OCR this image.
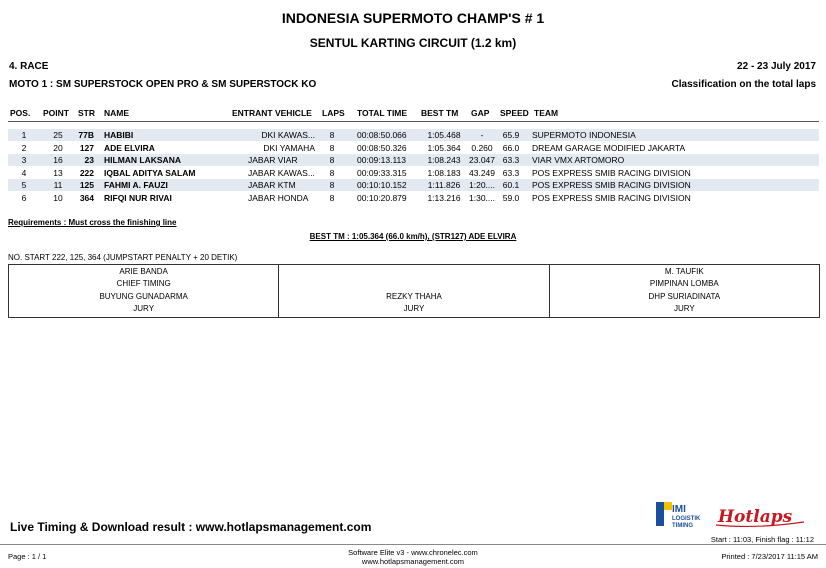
INDONESIA SUPERMOTO CHAMP'S # 1
SENTUL KARTING CIRCUIT (1.2 km)
4. RACE	22 - 23 July 2017
MOTO 1 : SM SUPERSTOCK OPEN PRO & SM SUPERSTOCK KO	Classification on the total laps
POS.	POINT	STR	NAME	ENTRANT VEHICLE	LAPS	TOTAL TIME	BEST TM	GAP	SPEED TEAM
1	25	77B HABIBI	DKI KAWAS...	8	00:08:50.066	1:05.468	-	65.9	SUPERMOTO INDONESIA
2	20	127 ADE ELVIRA	DKI YAMAHA	8	00:08:50.326	1:05.364	0.260	66.0	DREAM GARAGE MODIFIED JAKARTA
3	16	23 HILMAN LAKSANA	JABAR VIAR	8	00:09:13.113	1:08.243 23.047 63.3	VIAR VMX ARTOMORO
4	13	222 IQBAL ADITYA SALAM	JABAR KAWAS...	8	00:09:33.315	1:08.183 43.249 63.3	POS EXPRESS SMIB RACING DIVISION
5	11	125 FAHMI A. FAUZI	JABAR KTM	8	00:10:10.152	1:11.826	1:20.... 60.1	POS EXPRESS SMIB RACING DIVISION
6	10	364 RIFQI NUR RIVAI	JABAR HONDA	8	00:10:20.879	1:13.216 1:30.... 59.0	POS EXPRESS SMIB RACING DIVISION
Requirements : Must cross the finishing line
BEST TM : 1:05.364 (66.0 km/h), (STR127) ADE ELVIRA
NO. START 222, 125, 364 (JUMPSTART PENALTY + 20 DETIK)
ARIE BANDA
CHIEF TIMING
BUYUNG GUNADARMA
JURY
REZKY THAHA
JURY
M. TAUFIK
PIMPINAN LOMBA
DHP SURIADINATA
JURY
Live Timing & Download result : www.hotlapsmanagement.com
IMI
LOGISTIK
TIMING Hotlaps
Start : 11:03, Finish flag : 11:12
Page : 1 / 1	Software Elite v3 - www.chronelec.com
www.hotlapsmanagement.com
Printed : 7/23/2017 11:15 AM
